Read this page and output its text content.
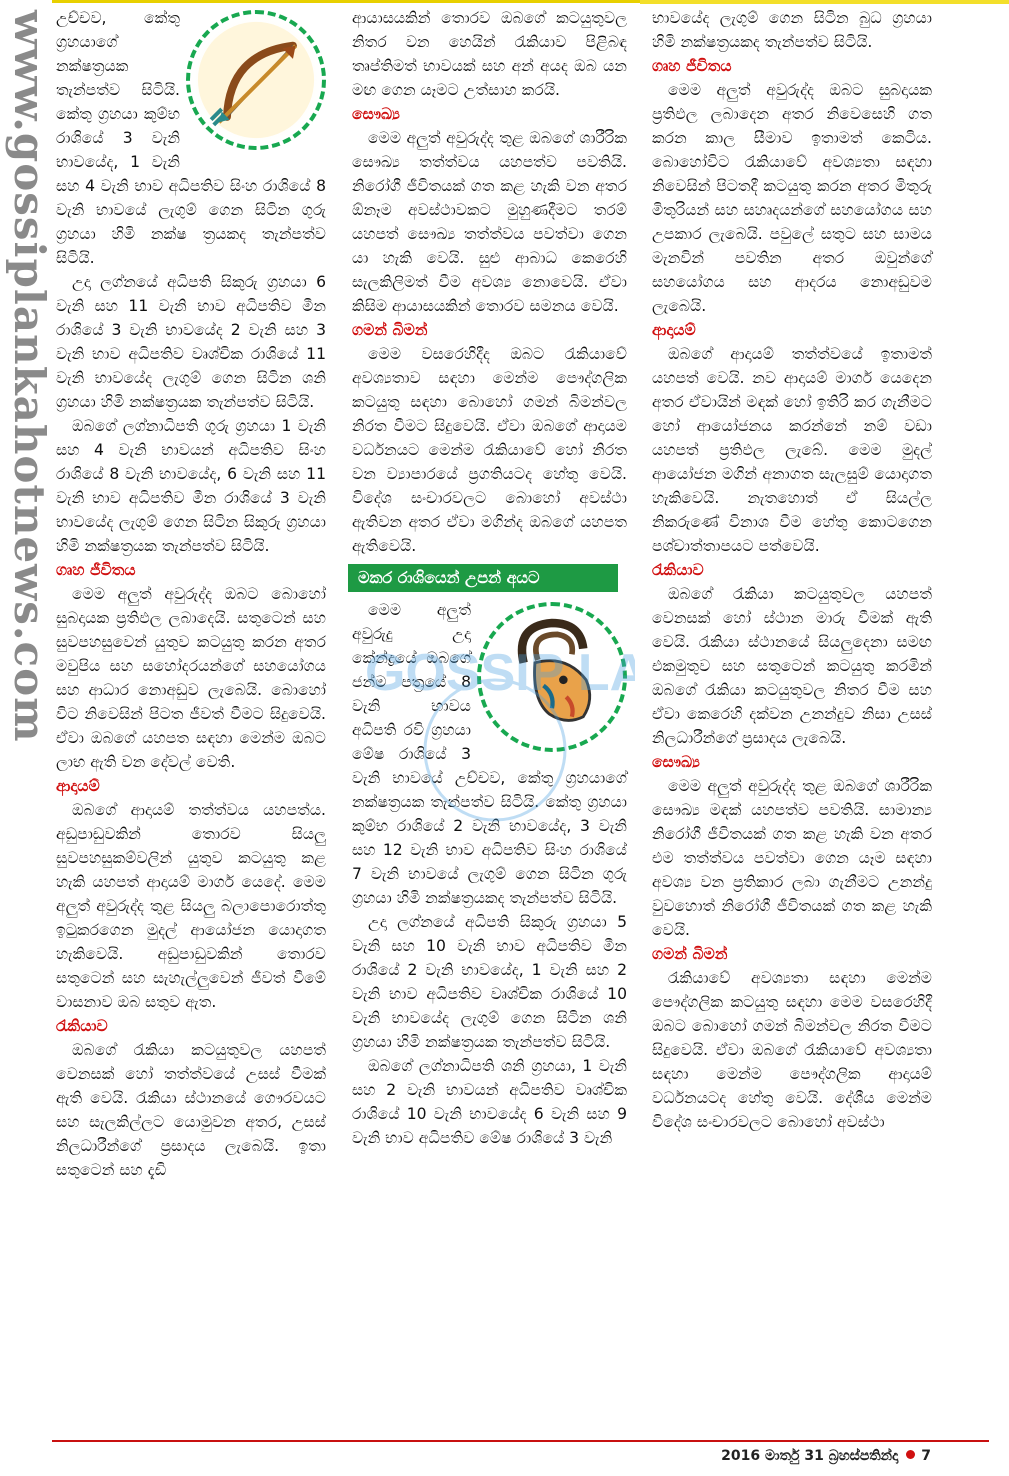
www.gossiplankahotnews.com උච්චව, කේතු ග්‍රහයාගේ නක්ෂත්‍රයක තැන්පත්ව සිටියි. කේතු ග්‍රහයා කුම්භ රාශියේ 3 වැනි භාවයේද, 1 වැනි සහ 4 වැනි භාව අධිපතිව සිංහ රාශියේ 8 වැනි භාවයේ ලැගුම් ගෙන සිටින ගුරු ග්‍රහයා හිමි නක්ෂ ත්‍රයකද තැන්පත්ව සිටියි.

උදා ලග්නයේ අධිපති සිකුරු ග්‍රහයා 6 වැනි සහ 11 වැනි භාව අධිපතිව මීන රාශියේ 3 වැනි භාවයේද 2 වැනි සහ 3 වැනි භාව අධිපතිව වෘශ්චික රාශියේ 11 වැනි භාවයේද ලැගුම් ගෙන සිටින ශනි ග්‍රහයා හිමි නක්ෂත්‍රයක තැන්පත්ව සිටියි.

ඔබගේ ලග්නාධිපති ගුරු ග්‍රහයා 1 වැනි සහ 4 වැනි භාවයන් අධිපතිව සිංහ රාශියේ 8 වැනි භාවයේද, 6 වැනි සහ 11 වැනි භාව අධිපතිව මීන රාශියේ 3 වැනි භාවයේද ලැගුම් ගෙන සිටින සිකුරු ග්‍රහයා හිමි නක්ෂත්‍රයක තැන්පත්ව සිටියි.

ගෘහ ජීවිතය

මෙම අලුත් අවුරුද්ද ඔබට බොහෝ සුබදායක ප්‍රතිඵල ලබාදෙයි. සතුටෙන් සහ සුවපහසුවෙන් යුතුව කටයුතු කරන අතර මවුපිය සහ සහෝදරයන්ගේ සහයෝගය සහ ආධාර නොඅඩුව ලැබෙයි. බොහෝ විට නිවෙසින් පිටත ජීවත් වීමට සිදුවෙයි. ඒවා ඔබගේ යහපත සඳහා මෙන්ම ඔබට ලාභ ඇති වන දේවල් වෙති.

ආදායම්

ඔබගේ ආදායම් තත්ත්වය යහපත්ය. අඩුපාඩුවකින් තොරව සියලු සුවපහසුකම්වලින් යුතුව කටයුතු කළ හැකි යහපත් ආදායම් මාර්ග යෙදේ. මෙම අලුත් අවුරුද්ද තුළ සියලු බලාපොරොත්තු ඉටුකරගෙන මුදල් ආයෝජන යොදාගත හැකිවෙයි. අඩුපාඩුවකින් තොරව සතුටෙන් සහ සැහැල්ලුවෙන් ජීවත් වීමේ වාසනාව ඔබ සතුව ඇත.

රැකියාව

ඔබගේ රැකියා කටයුතුවල යහපත් වෙනසක් හෝ තත්ත්වයේ උසස් වීමක් ඇති වෙයි. රැකියා ස්ථානයේ ගෞරවයට සහ සැලකිල්ලට යොමුවන අතර, උසස් නිලධාරීන්ගේ ප්‍රසාදය ලැබෙයි. ඉතා සතුටෙන් සහ දැඩි

ආයාසයකින් තොරව ඔබගේ කටයුතුවල නිතර වන හෙයින් රැකියාව පිළිබඳ තෘප්තිමත් භාවයක් සහ අන් අයද ඔබ යන මඟ ගෙන යෑමට උත්සාහ කරයි.

සෞඛ්‍ය

මෙම අලුත් අවුරුද්ද තුළ ඔබගේ ශාරීරික සෞඛ්‍ය තත්ත්වය යහපත්ව පවතියි. නිරෝගී ජීවිතයක් ගත කළ හැකි වන අතර ඕනෑම අවස්ථාවකට මුහුණදීමට තරම් යහපත් සෞඛ්‍ය තත්ත්වය පවත්වා ගෙන යා හැකි වෙයි. සුළු ආබාධ කෙරෙහි සැලකිලිමත් වීම අවශ්‍ය නොවෙයි. ඒවා කිසිම ආයාසයකින් තොරව සමනය වෙයි.

ගමන් බිමන්

මෙම වසරෙහිදීද ඔබට රැකියාවේ අවශ්‍යතාව සඳහා මෙන්ම පෞද්ගලික කටයුතු සඳහා බොහෝ ගමන් බිමන්වල නිරත වීමට සිදුවෙයි. ඒවා ඔබගේ ආදායම වර්ධනයට මෙන්ම රැකියාවේ හෝ නිරත වන ව්‍යාපාරයේ ප්‍රගතියටද හේතු වෙයි. විදේශ සංචාරවලට බොහෝ අවස්ථා ඇතිවන අතර ඒවා මගින්ද ඔබගේ යහපත ඇතිවෙයි.

මකර රාශියෙන් උපන් අයට

මෙම අලුත් අවුරුදු උදා කේන්ද්‍රයේ ඔබගේ ජන්ම පත්‍රයේ 8 වැනි භාවය අධිපති රවි ග්‍රහයා මේෂ රාශියේ 3 වැනි භාවයේ උච්චව, කේතු ග්‍රහයාගේ නක්ෂත්‍රයක තැන්පත්ව සිටියි. කේතු ග්‍රහයා කුම්භ රාශියේ 2 වැනි භාවයේද, 3 වැනි සහ 12 වැනි භාව අධිපතිව සිංහ රාශියේ 7 වැනි භාවයේ ලැගුම් ගෙන සිටින ගුරු ග්‍රහයා හිමි නක්ෂත්‍රයකද තැන්පත්ව සිටියි.

උදා ලග්නයේ අධිපති සිකුරු ග්‍රහයා 5 වැනි සහ 10 වැනි භාව අධිපතිව මීන රාශියේ 2 වැනි භාවයේද, 1 වැනි සහ 2 වැනි භාව අධිපතිව වෘශ්චික රාශියේ 10 වැනි භාවයේද ලැගුම් ගෙන සිටින ශනි ග්‍රහයා හිමි නක්ෂත්‍රයක තැන්පත්ව සිටියි.

ඔබගේ ලග්නාධිපති ශනි ග්‍රහයා, 1 වැනි සහ 2 වැනි භාවයන් අධිපතිව වෘශ්චික රාශියේ 10 වැනි භාවයේද 6 වැනි සහ 9 වැනි භාව අධිපතිව මේෂ රාශියේ 3 වැනි

GOSSIP LA

භාවයේද ලැගුම් ගෙන සිටින බුධ ග්‍රහයා හිමි නක්ෂත්‍රයකද තැන්පත්ව සිටියි.

ගෘහ ජීවිතය

මෙම අලුත් අවුරුද්ද ඔබට සුබදායක ප්‍රතිඵල ලබාදෙන අතර නිවෙසෙහි ගත කරන කාල සීමාව ඉතාමත් කෙටිය. බොහෝවිට රැකියාවේ අවශ්‍යතා සඳහා නිවෙසින් පිටතදී කටයුතු කරන අතර මිතුරු මිතුරියන් සහ සහෘදයන්ගේ සහයෝගය සහ උපකාර ලැබෙයි. පවුලේ සතුට සහ සාමය මැනවින් පවතින අතර ඔවුන්ගේ සහයෝගය සහ ආදරය නොඅඩුවම ලැබෙයි.

ආදායම්

ඔබගේ ආදායම් තත්ත්වයේ ඉතාමත් යහපත් වෙයි. නව ආදායම් මාර්ග යෙදෙන අතර ඒවායින් මඳක් හෝ ඉතිරි කර ගැනීමට හෝ ආයෝජනය කරන්නේ නම් වඩා යහපත් ප්‍රතිඵල ලැබේ. මෙම මුදල් ආයෝජන මගින් අනාගත සැලසුම් යොදාගත හැකිවෙයි. නැතහොත් ඒ සියල්ල නිකරුණේ විනාශ වීම හේතු කොටගෙන පශ්චාත්තාපයට පත්වෙයි.

රැකියාව

ඔබගේ රැකියා කටයුතුවල යහපත් වෙනසක් හෝ ස්ථාන මාරු වීමක් ඇති වෙයි. රැකියා ස්ථානයේ සියලුදෙනා සමඟ එකමුතුව සහ සතුටෙන් කටයුතු කරමින් ඔබගේ රැකියා කටයුතුවල නිතර වීම සහ ඒවා කෙරෙහි දක්වන උනන්දුව නිසා උසස් නිලධාරීන්ගේ ප්‍රසාදය ලැබෙයි.

සෞඛ්‍ය

මෙම අලුත් අවුරුද්ද තුළ ඔබගේ ශාරීරික සෞඛ්‍ය මඳක් යහපත්ව පවතියි. සාමාන්‍ය නිරෝගී ජීවිතයක් ගත කළ හැකි වන අතර එම තත්ත්වය පවත්වා ගෙන යෑම සඳහා අවශ්‍ය වන ප්‍රතිකාර ලබා ගැනීමට උනන්දු වුවහොත් නිරෝගී ජීවිතයක් ගත කළ හැකි වෙයි.

ගමන් බිමන්

රැකියාවේ අවශ්‍යතා සඳහා මෙන්ම පෞද්ගලික කටයුතු සඳහා මෙම වසරෙහිදී ඔබට බොහෝ ගමන් බිමන්වල නිරත වීමට සිදුවෙයි. ඒවා ඔබගේ රැකියාවේ අවශ්‍යතා සඳහා මෙන්ම පෞද්ගලික ආදායම් වර්ධනයටද හේතු වෙයි. දේශීය මෙන්ම විදේශ සංචාරවලට බොහෝ අවස්ථා

2016 මාර්තු 31 බ්‍රහස්පතින්දා 7
